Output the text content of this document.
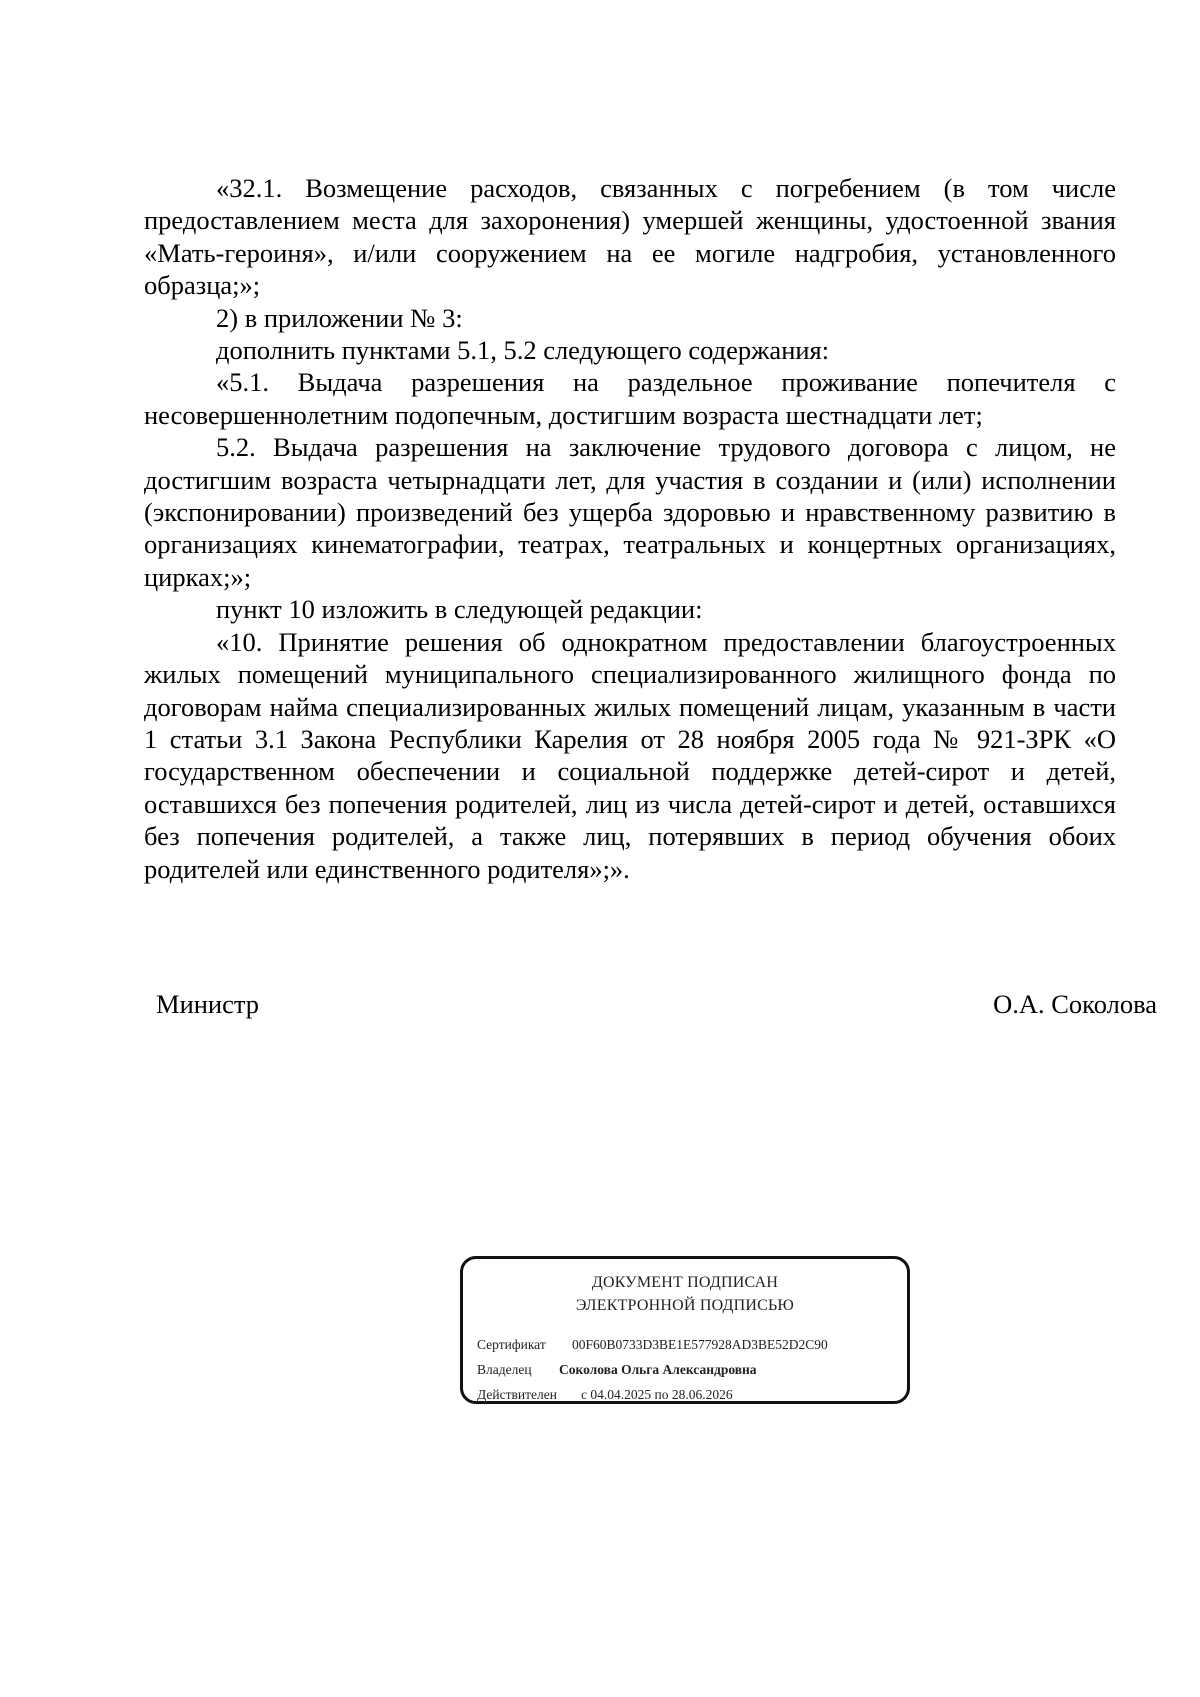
«32.1. Возмещение расходов, связанных с погребением (в том числе предоставлением места для захоронения) умершей женщины, удостоенной звания «Мать-героиня», и/или сооружением на ее могиле надгробия, установленного образца;»;

2) в приложении № 3:

дополнить пунктами 5.1, 5.2 следующего содержания:

«5.1. Выдача разрешения на раздельное проживание попечителя с несовершеннолетним подопечным, достигшим возраста шестнадцати лет;

5.2. Выдача разрешения на заключение трудового договора с лицом, не достигшим возраста четырнадцати лет, для участия в создании и (или) исполнении (экспонировании) произведений без ущерба здоровью и нравственному развитию в организациях кинематографии, театрах, театральных и концертных организациях, цирках;»;

пункт 10 изложить в следующей редакции:

«10. Принятие решения об однократном предоставлении благоустроенных жилых помещений муниципального специализированного жилищного фонда по договорам найма специализированных жилых помещений лицам, указанным в части 1 статьи 3.1 Закона Республики Карелия от 28 ноября 2005 года № 921-ЗРК «О государственном обеспечении и социальной поддержке детей-сирот и детей, оставшихся без попечения родителей, лиц из числа детей-сирот и детей, оставшихся без попечения родителей, а также лиц, потерявших в период обучения обоих родителей или единственного родителя»;».

Министр	О.А. Соколова
ДОКУМЕНТ ПОДПИСАН
ЭЛЕКТРОННОЙ ПОДПИСЬЮ
Сертификат 00F60B0733D3BE1E577928AD3BE52D2C90
Владелец Соколова Ольга Александровна
Действителен с 04.04.2025 по 28.06.2026
